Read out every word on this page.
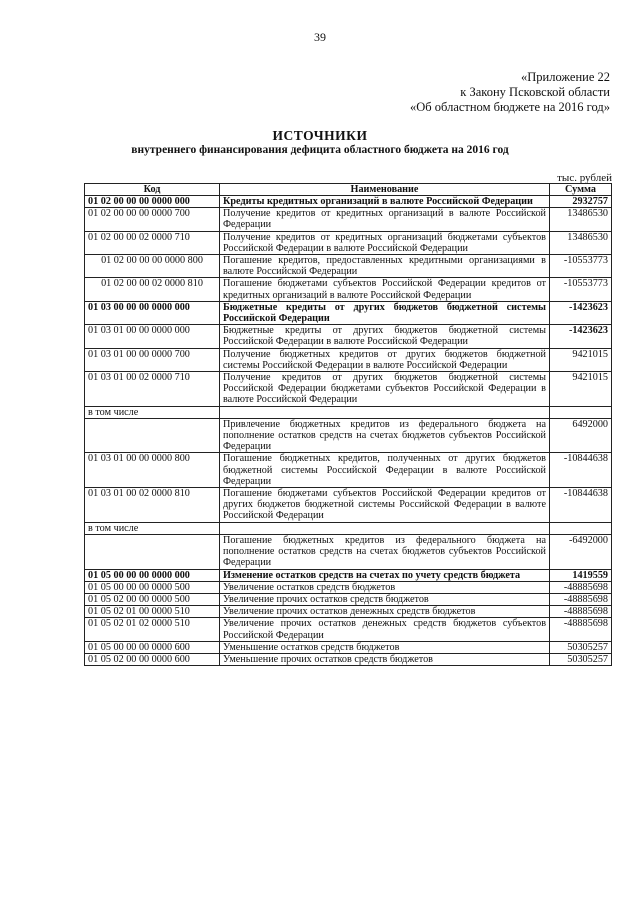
39
«Приложение 22
к Закону Псковской области
«Об областном бюджете на 2016 год»
ИСТОЧНИКИ
внутреннего финансирования дефицита областного бюджета на 2016 год
тыс. рублей
Код	Наименование	Сумма
01 02 00 00 00 0000 000	Кредиты кредитных организаций в валюте Российской Федерации	2932757
01 02 00 00 00 0000 700	Получение кредитов от кредитных организаций в валюте Российской Федерации	13486530
01 02 00 00 02 0000 710	Получение кредитов от кредитных организаций бюджетами субъектов Российской Федерации в валюте Российской Федерации	13486530
01 02 00 00 00 0000 800	Погашение кредитов, предоставленных кредитными организациями в валюте Российской Федерации	-10553773
01 02 00 00 02 0000 810	Погашение бюджетами субъектов Российской Федерации кредитов от кредитных организаций в валюте Российской Федерации	-10553773
01 03 00 00 00 0000 000	Бюджетные кредиты от других бюджетов бюджетной системы Российской Федерации	-1423623
01 03 01 00 00 0000 000	Бюджетные кредиты от других бюджетов бюджетной системы Российской Федерации в валюте Российской Федерации	-1423623
01 03 01 00 00 0000 700	Получение бюджетных кредитов от других бюджетов бюджетной системы Российской Федерации в валюте Российской Федерации	9421015
01 03 01 00 02 0000 710	Получение кредитов от других бюджетов бюджетной системы Российской Федерации бюджетами субъектов Российской Федерации в валюте Российской Федерации	9421015
в том числе		
	Привлечение бюджетных кредитов из федерального бюджета на пополнение остатков средств на счетах бюджетов субъектов Российской Федерации	6492000
01 03 01 00 00 0000 800	Погашение бюджетных кредитов, полученных от других бюджетов бюджетной системы Российской Федерации в валюте Российской Федерации	-10844638
01 03 01 00 02 0000 810	Погашение бюджетами субъектов Российской Федерации кредитов от других бюджетов бюджетной системы Российской Федерации в валюте Российской Федерации	-10844638
в том числе		
	Погашение бюджетных кредитов из федерального бюджета на пополнение остатков средств на счетах бюджетов субъектов Российской Федерации	-6492000
01 05 00 00 00 0000 000	Изменение остатков средств на счетах по учету средств бюджета	1419559
01 05 00 00 00 0000 500	Увеличение остатков средств бюджетов	-48885698
01 05 02 00 00 0000 500	Увеличение прочих остатков средств бюджетов	-48885698
01 05 02 01 00 0000 510	Увеличение прочих остатков денежных средств бюджетов	-48885698
01 05 02 01 02 0000 510	Увеличение прочих остатков денежных средств бюджетов субъектов Российской Федерации	-48885698
01 05 00 00 00 0000 600	Уменьшение остатков средств бюджетов	50305257
01 05 02 00 00 0000 600	Уменьшение прочих остатков средств бюджетов	50305257
